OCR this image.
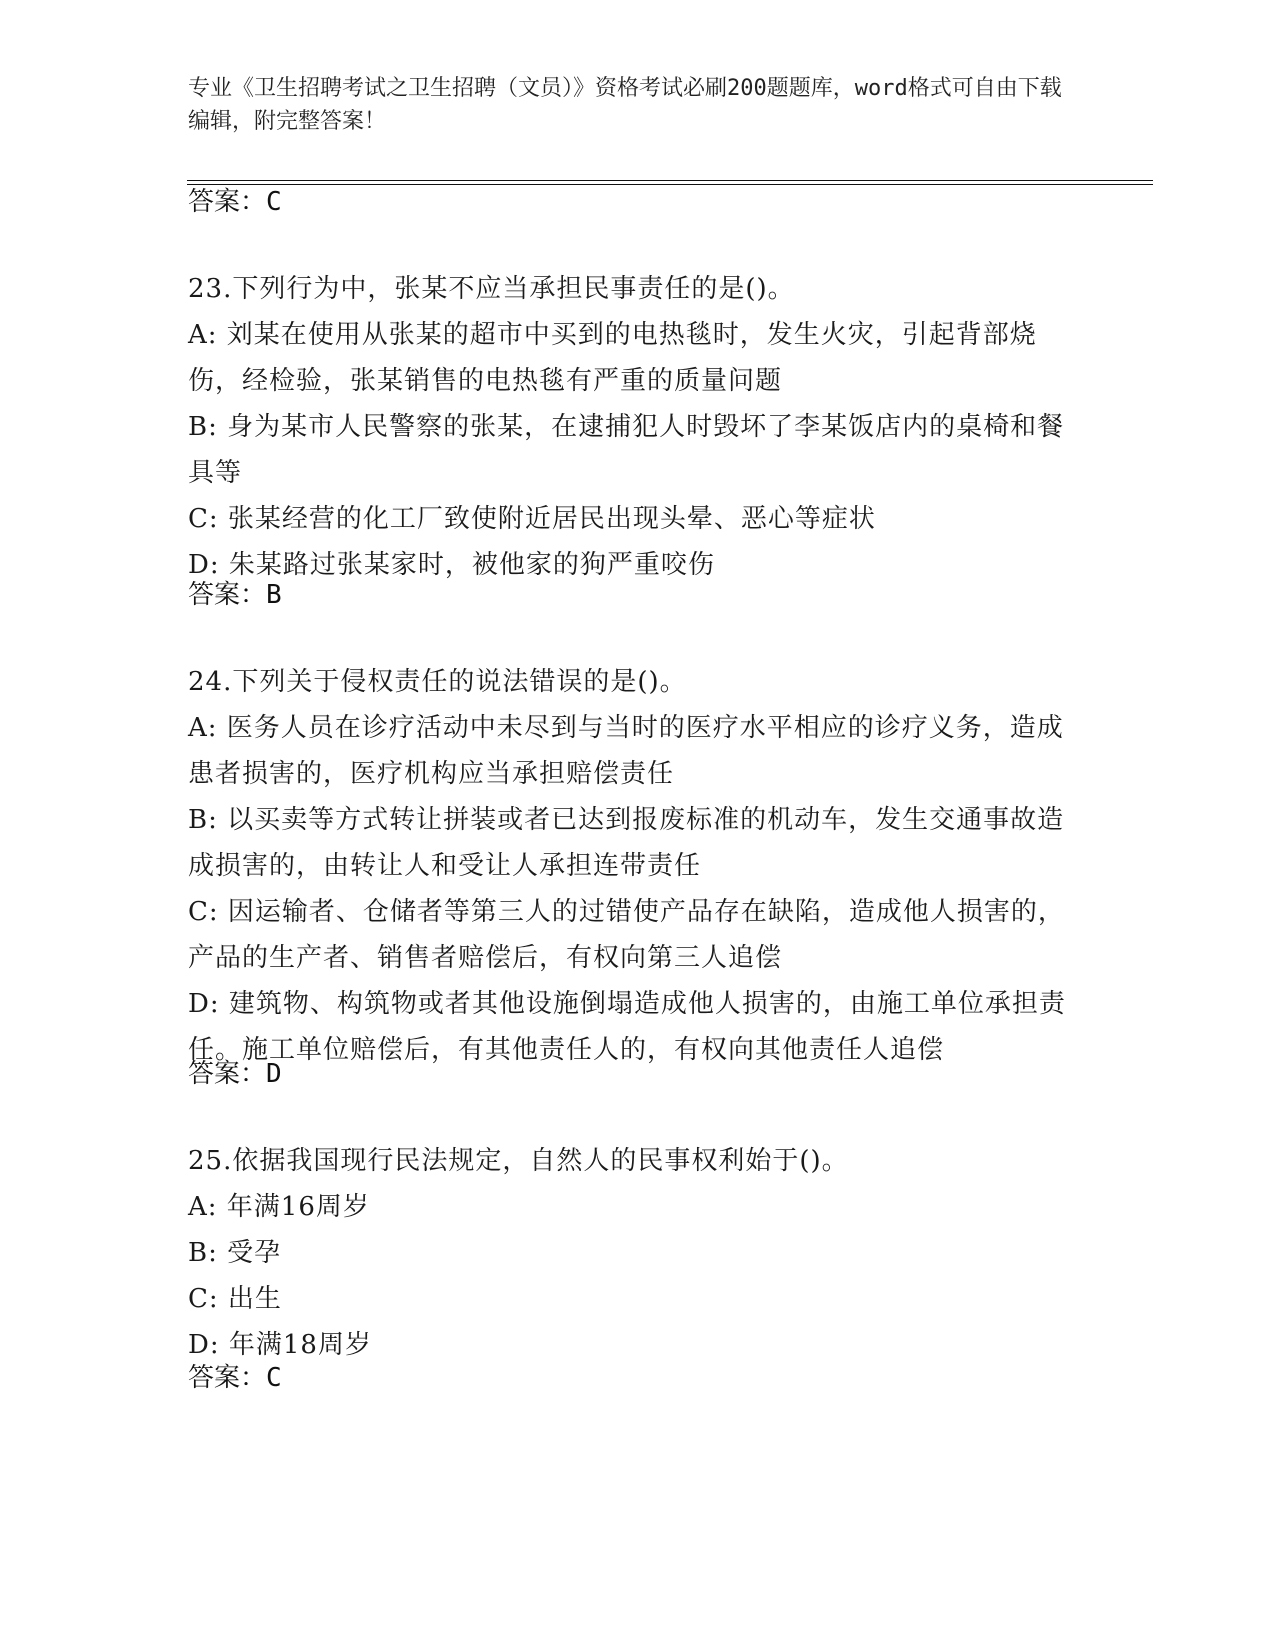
专业《卫生招聘考试之卫生招聘（文员）》资格考试必刷200题题库，word格式可自由下载编辑，附完整答案！
答案：C

23.下列行为中，张某不应当承担民事责任的是()。

A: 刘某在使用从张某的超市中买到的电热毯时，发生火灾，引起背部烧伤，经检验，张某销售的电热毯有严重的质量问题

B: 身为某市人民警察的张某，在逮捕犯人时毁坏了李某饭店内的桌椅和餐具等

C: 张某经营的化工厂致使附近居民出现头晕、恶心等症状

D: 朱某路过张某家时，被他家的狗严重咬伤

答案：B

24.下列关于侵权责任的说法错误的是()。

A: 医务人员在诊疗活动中未尽到与当时的医疗水平相应的诊疗义务，造成患者损害的，医疗机构应当承担赔偿责任

B: 以买卖等方式转让拼装或者已达到报废标准的机动车，发生交通事故造成损害的，由转让人和受让人承担连带责任

C: 因运输者、仓储者等第三人的过错使产品存在缺陷，造成他人损害的，产品的生产者、销售者赔偿后，有权向第三人追偿

D: 建筑物、构筑物或者其他设施倒塌造成他人损害的，由施工单位承担责任。施工单位赔偿后，有其他责任人的，有权向其他责任人追偿

答案：D

25.依据我国现行民法规定，自然人的民事权利始于()。

A: 年满16周岁

B: 受孕

C: 出生

D: 年满18周岁

答案：C
